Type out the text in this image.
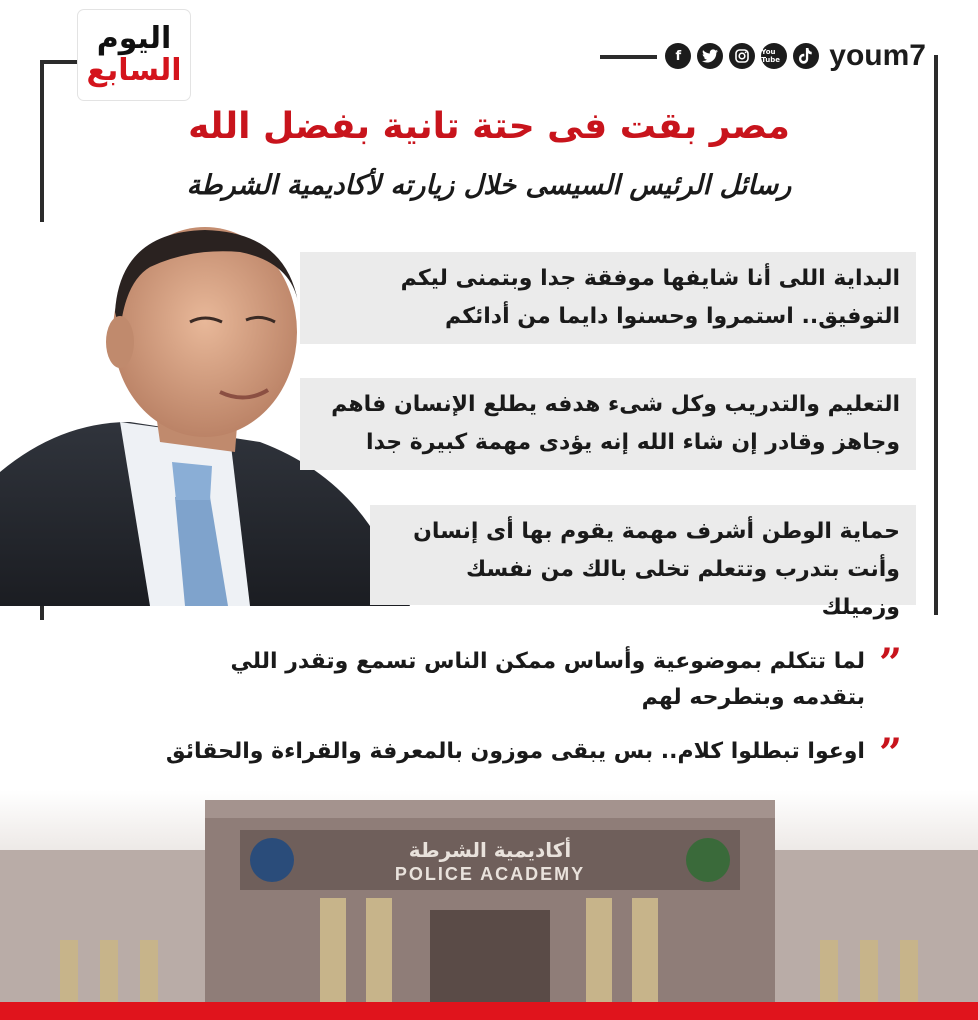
اليوم
السابع	f	You Tube youm7
مصر بقت فى حتة تانية بفضل الله
رسائل الرئيس السيسى خلال زيارته لأكاديمية الشرطة
البداية اللى أنا شايفها موفقة جدا وبتمنى ليكم
التوفيق.. استمروا وحسنوا دايما من أدائكم
التعليم والتدريب وكل شىء هدفه يطلع الإنسان فاهم
وجاهز وقادر إن شاء الله إنه يؤدى مهمة كبيرة جدا
حماية الوطن أشرف مهمة يقوم بها أى إنسان
وأنت بتدرب وتتعلم تخلى بالك من نفسك وزميلك
”
لما تتكلم بموضوعية وأساس ممكن الناس تسمع وتقدر اللي
بتقدمه وبتطرحه لهم
”
اوعوا تبطلوا كلام.. بس يبقى موزون بالمعرفة والقراءة والحقائق
أكاديمية الشرطة
POLICE ACADEMY
